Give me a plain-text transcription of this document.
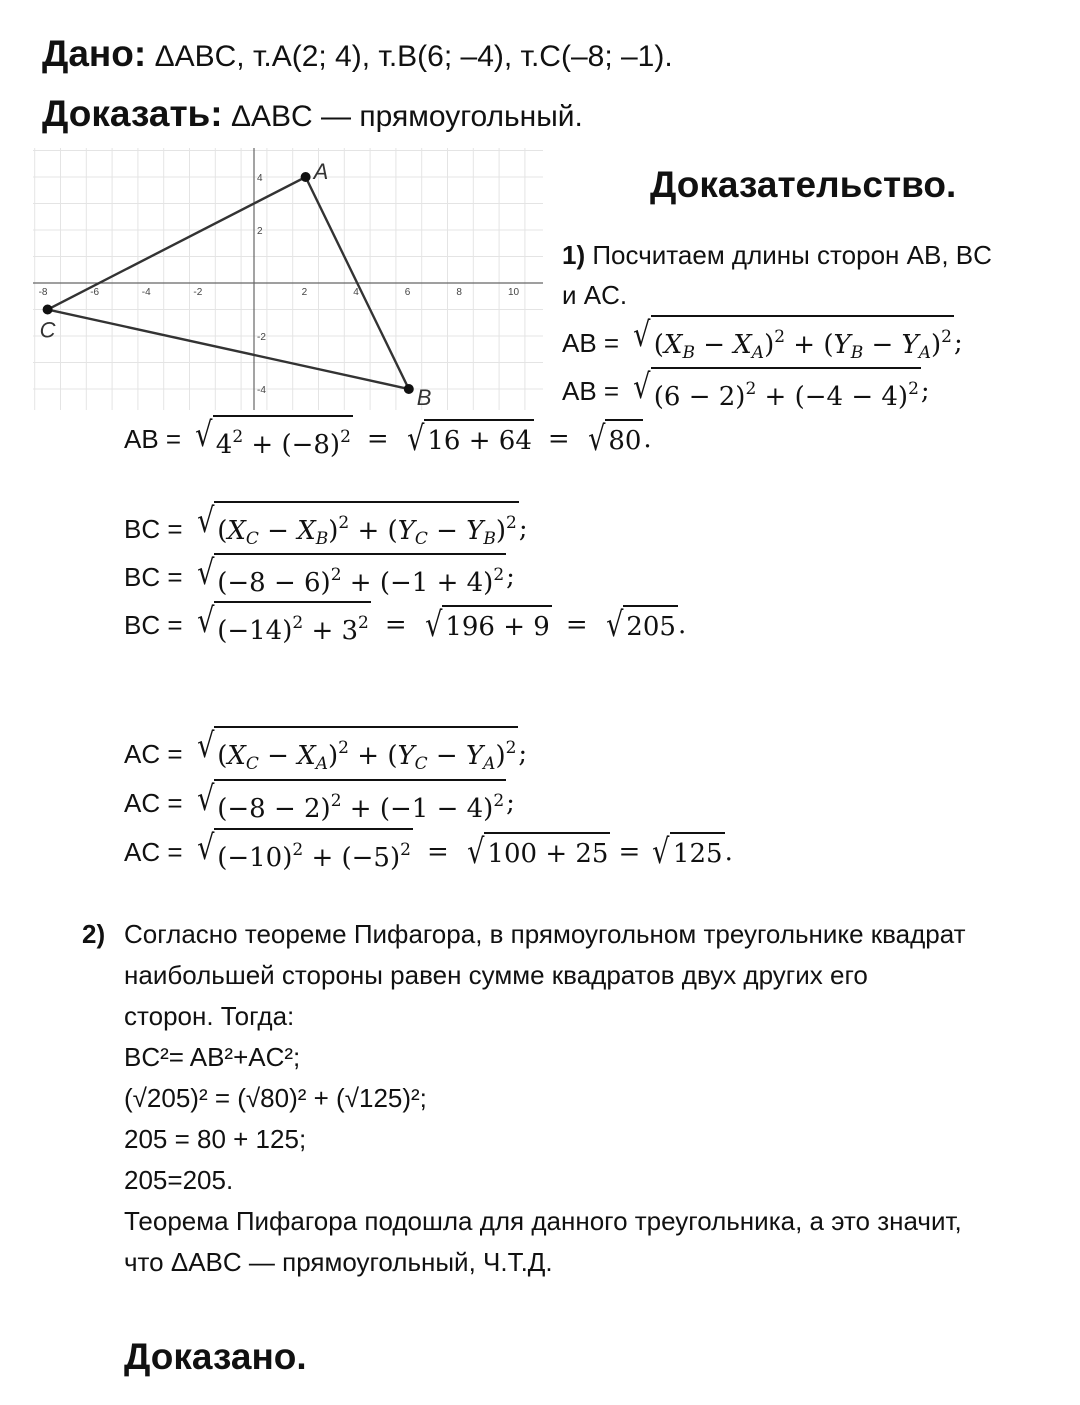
Дано: ΔABC, т.A(2; 4), т.B(6; –4), т.C(–8; –1).
Доказать: ΔABC — прямоугольный.
-8	-6	-4	-2	2	4	6	8	10
4
2
-2
-4
A
B
C
Доказательство.
1) Посчитаем длины сторон AB, BC
и AC.
AB = √ $(X_B - X_A)^2 + (Y_B - Y_A)^2$ ;
AB = √ $(6 - 2)^2 + (-4 - 4)^2$ ;
AB = √ $4^2 + (-8)^2$ = √ 16 + 64 = √ 80 .
BC = √ $(X_C - X_B)^2 + (Y_C - Y_B)^2$ ;
BC = √ $(-8 - 6)^2 + (-1 + 4)^2$ ;
BC = √ $(-14)^2 + 3^2$ = √ 196 + 9 = √ 205 .
AC = √ $(X_C - X_A)^2 + (Y_C - Y_A)^2$ ;
AC = √ $(-8 - 2)^2 + (-1 - 4)^2$ ;
AC = √ $(-10)^2 + (-5)^2$ = √ 100 + 25 = √ 125 .
2) Согласно теореме Пифагора, в прямоугольном треугольнике квадрат
наибольшей стороны равен сумме квадратов двух других его
сторон. Тогда:
BC²= AB²+AC²;
(√205)² = (√80)² + (√125)²;
205 = 80 + 125;
205=205.
Теорема Пифагора подошла для данного треугольника, а это значит,
что ΔABC — прямоугольный, Ч.Т.Д.
Доказано.
